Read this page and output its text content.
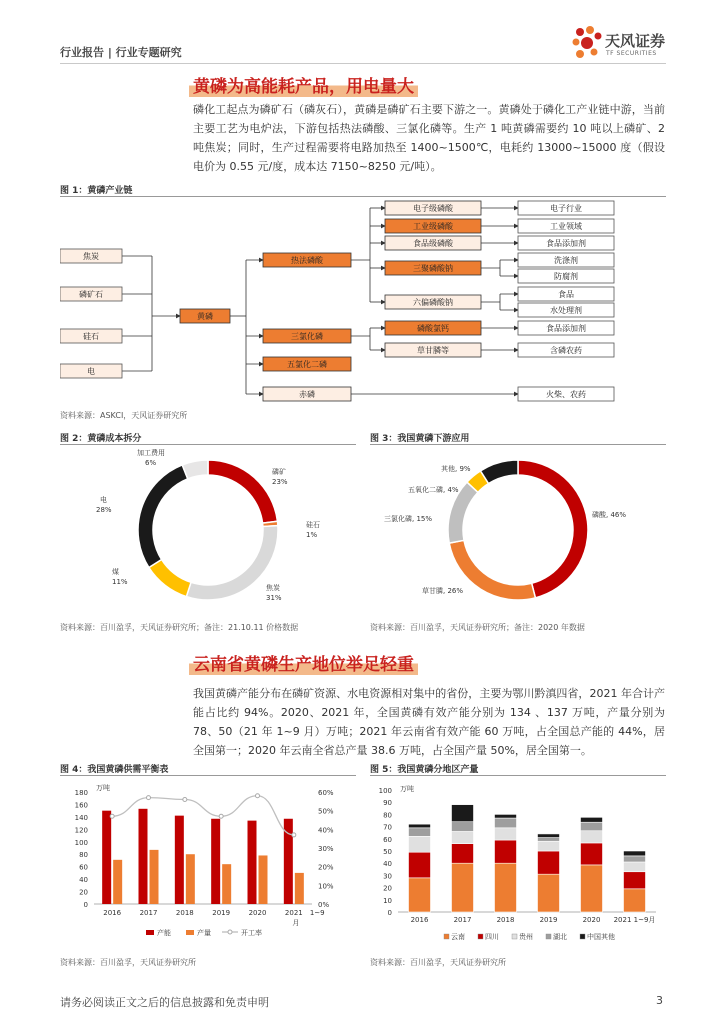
行业报告 | 行业专题研究
天风证券
TF SECURITIES
黄磷为高能耗产品，用电量大
磷化工起点为磷矿石（磷灰石），黄磷是磷矿石主要下游之一。黄磷处于磷化工产业链中游，当前主要工艺为电炉法，下游包括热法磷酸、三氯化磷等。生产 1 吨黄磷需要约 10 吨以上磷矿、2 吨焦炭；同时，生产过程需要将电路加热至 1400~1500℃，电耗约 13000~15000 度（假设电价为 0.55 元/度，成本达 7150~8250 元/吨）。
图 1：黄磷产业链
焦炭
磷矿石
硅石
电
黄磷
热法磷酸
三氯化磷
五氯化二磷
赤磷
电子级磷酸
工业级磷酸
食品级磷酸
三聚磷酸钠
六偏磷酸钠
磷酸氯钙
草甘膦等
电子行业
工业领域
食品添加剂
洗涤剂
防腐剂
食品
水处理剂
食品添加剂
含磷农药
火柴、农药
资料来源：ASKCI，天风证券研究所
图 2：黄磷成本拆分
磷矿
23%
硅石
1%
焦炭
31%
煤
11%
电
28%
加工费用
6%
资料来源：百川盈孚，天风证券研究所；备注：21.10.11 价格数据
图 3：我国黄磷下游应用
磷酸, 46%
草甘膦, 26%
三氯化磷, 15%
五氧化二磷, 4%
其他, 9%
资料来源：百川盈孚，天风证券研究所；备注：2020 年数据
云南省黄磷生产地位举足轻重
我国黄磷产能分布在磷矿资源、水电资源相对集中的省份，主要为鄂川黔滇四省，2021 年合计产能占比约 94%。2020、2021 年，全国黄磷有效产能分别为 134 、137 万吨，产量分别为 78、50（21 年 1~9 月）万吨；2021 年云南省有效产能 60 万吨，占全国总产能的 44%，居全国第一；2020 年云南全省总产量 38.6 万吨，占全国产量 50%，居全国第一。
图 4：我国黄磷供需平衡表
万吨
0
20
40
60
80
100
120
140
160
180
0%
10%
20%
30%
40%
50%
60%
2016	2017	2018	2019	2020	2021 1~9
月
产能	产量	开工率
资料来源：百川盈孚，天风证券研究所
图 5：我国黄磷分地区产量
万吨
0
10
20
30
40
50
60
70
80
90
100
2016	2017	2018	2019	2020 2021 1~9月
云南	四川	贵州	湖北	中国其他
资料来源：百川盈孚，天风证券研究所
请务必阅读正文之后的信息披露和免责申明	3
